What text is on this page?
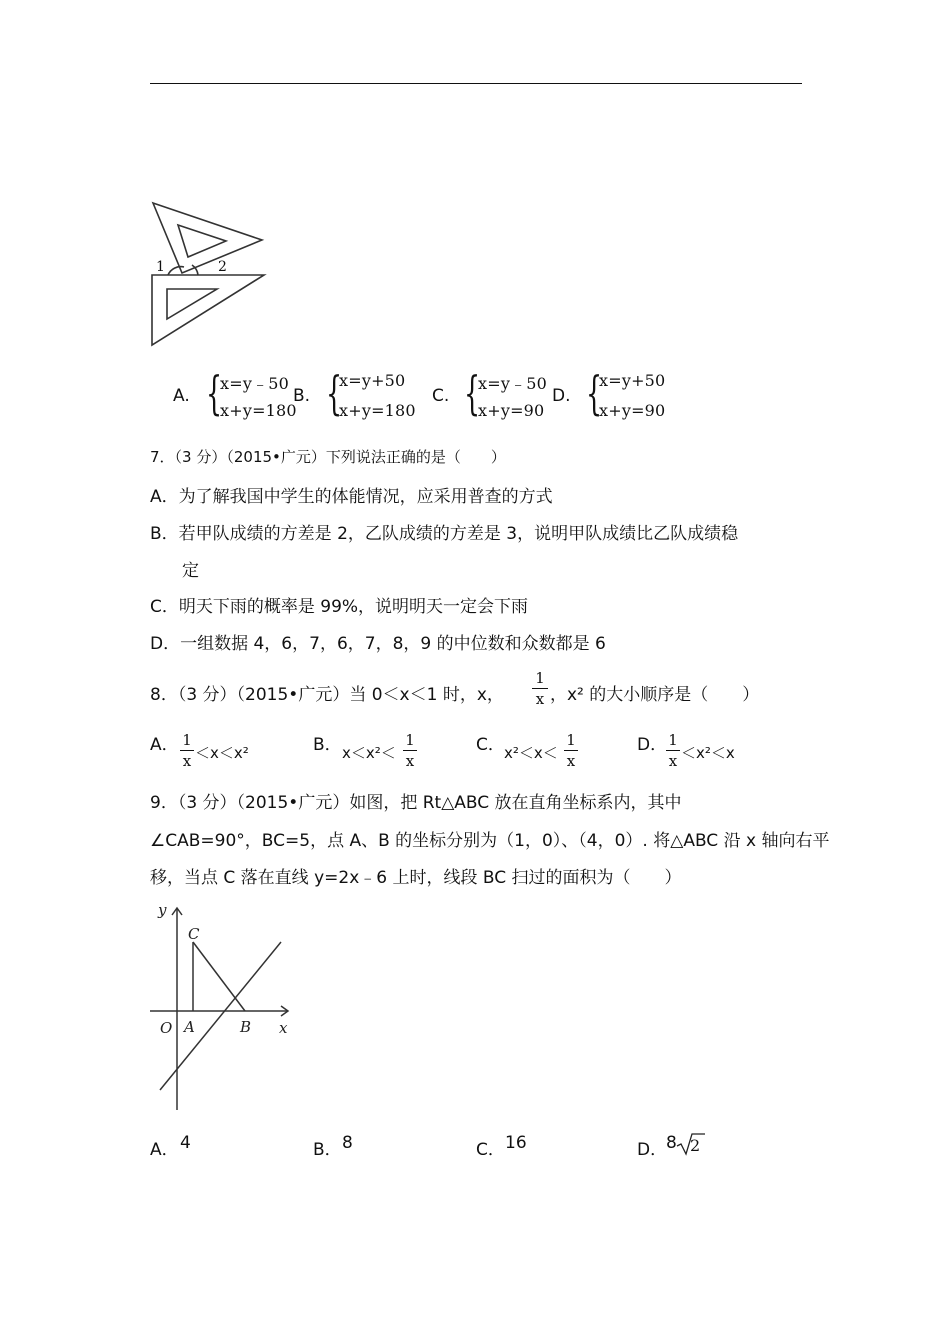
1	2
A. {
x=y﹣50
x+y=180
B. {
x=y+50
x+y=180
C. {
x=y﹣50
x+y=90
D. {
x=y+50
x+y=90
7．（3 分）（2015•广元）下列说法正确的是（　　）
A．为了解我国中学生的体能情况，应采用普查的方式
B．若甲队成绩的方差是 2，乙队成绩的方差是 3，说明甲队成绩比乙队成绩稳
定
C．明天下雨的概率是 99%，说明明天一定会下雨
D．一组数据 4，6，7，6，7，8，9 的中位数和众数都是 6
8．（3 分）（2015•广元）当 0＜x＜1 时，x，
1
x ，x² 的大小顺序是（　　）
A． 1
x ＜x＜x²	B． x＜x²＜
1
x
C． x²＜x＜
1
x
D． 1
x ＜x²＜x
9．（3 分）（2015•广元）如图，把 Rt△ABC 放在直角坐标系内，其中
∠CAB=90°，BC=5，点 A、B 的坐标分别为（1，0）、（4，0）. 将△ABC 沿 x 轴向右平
移，当点 C 落在直线 y=2x﹣6 上时，线段 BC 扫过的面积为（　　）
y
x
C
O A	B
A． 4	B． 8	C． 16	D．
8 2
